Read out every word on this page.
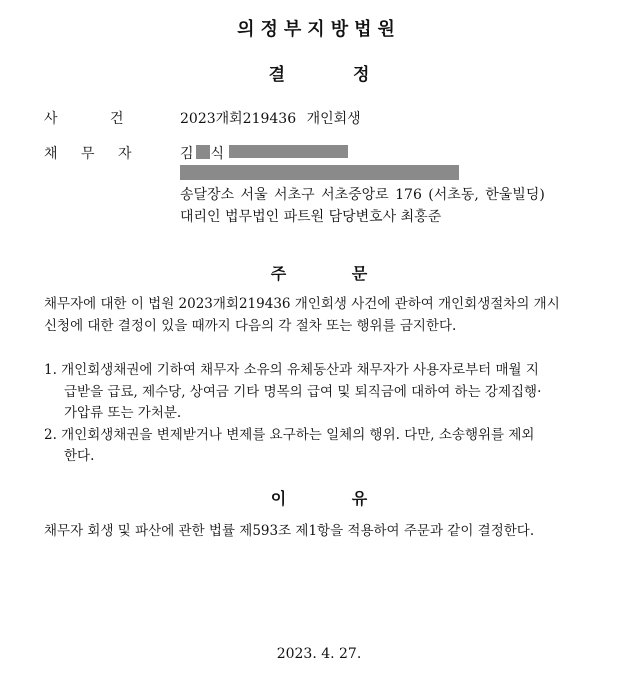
의정부지방법원
결 정
사 건	2023개회219436 개인회생
채 무 자	김 식
송달장소 서울 서초구 서초중앙로 176 (서초동, 한울빌딩)
대리인 법무법인 파트원 담당변호사 최홍준
주 문
채무자에 대한 이 법원 2023개회219436 개인회생 사건에 관하여 개인회생절차의 개시
신청에 대한 결정이 있을 때까지 다음의 각 절차 또는 행위를 금지한다.
1. 개인회생채권에 기하여 채무자 소유의 유체동산과 채무자가 사용자로부터 매월 지
급받을 급료, 제수당, 상여금 기타 명목의 급여 및 퇴직금에 대하여 하는 강제집행·
가압류 또는 가처분.
2. 개인회생채권을 변제받거나 변제를 요구하는 일체의 행위. 다만, 소송행위를 제외
한다.
이 유
채무자 회생 및 파산에 관한 법률 제593조 제1항을 적용하여 주문과 같이 결정한다.
2023. 4. 27.
